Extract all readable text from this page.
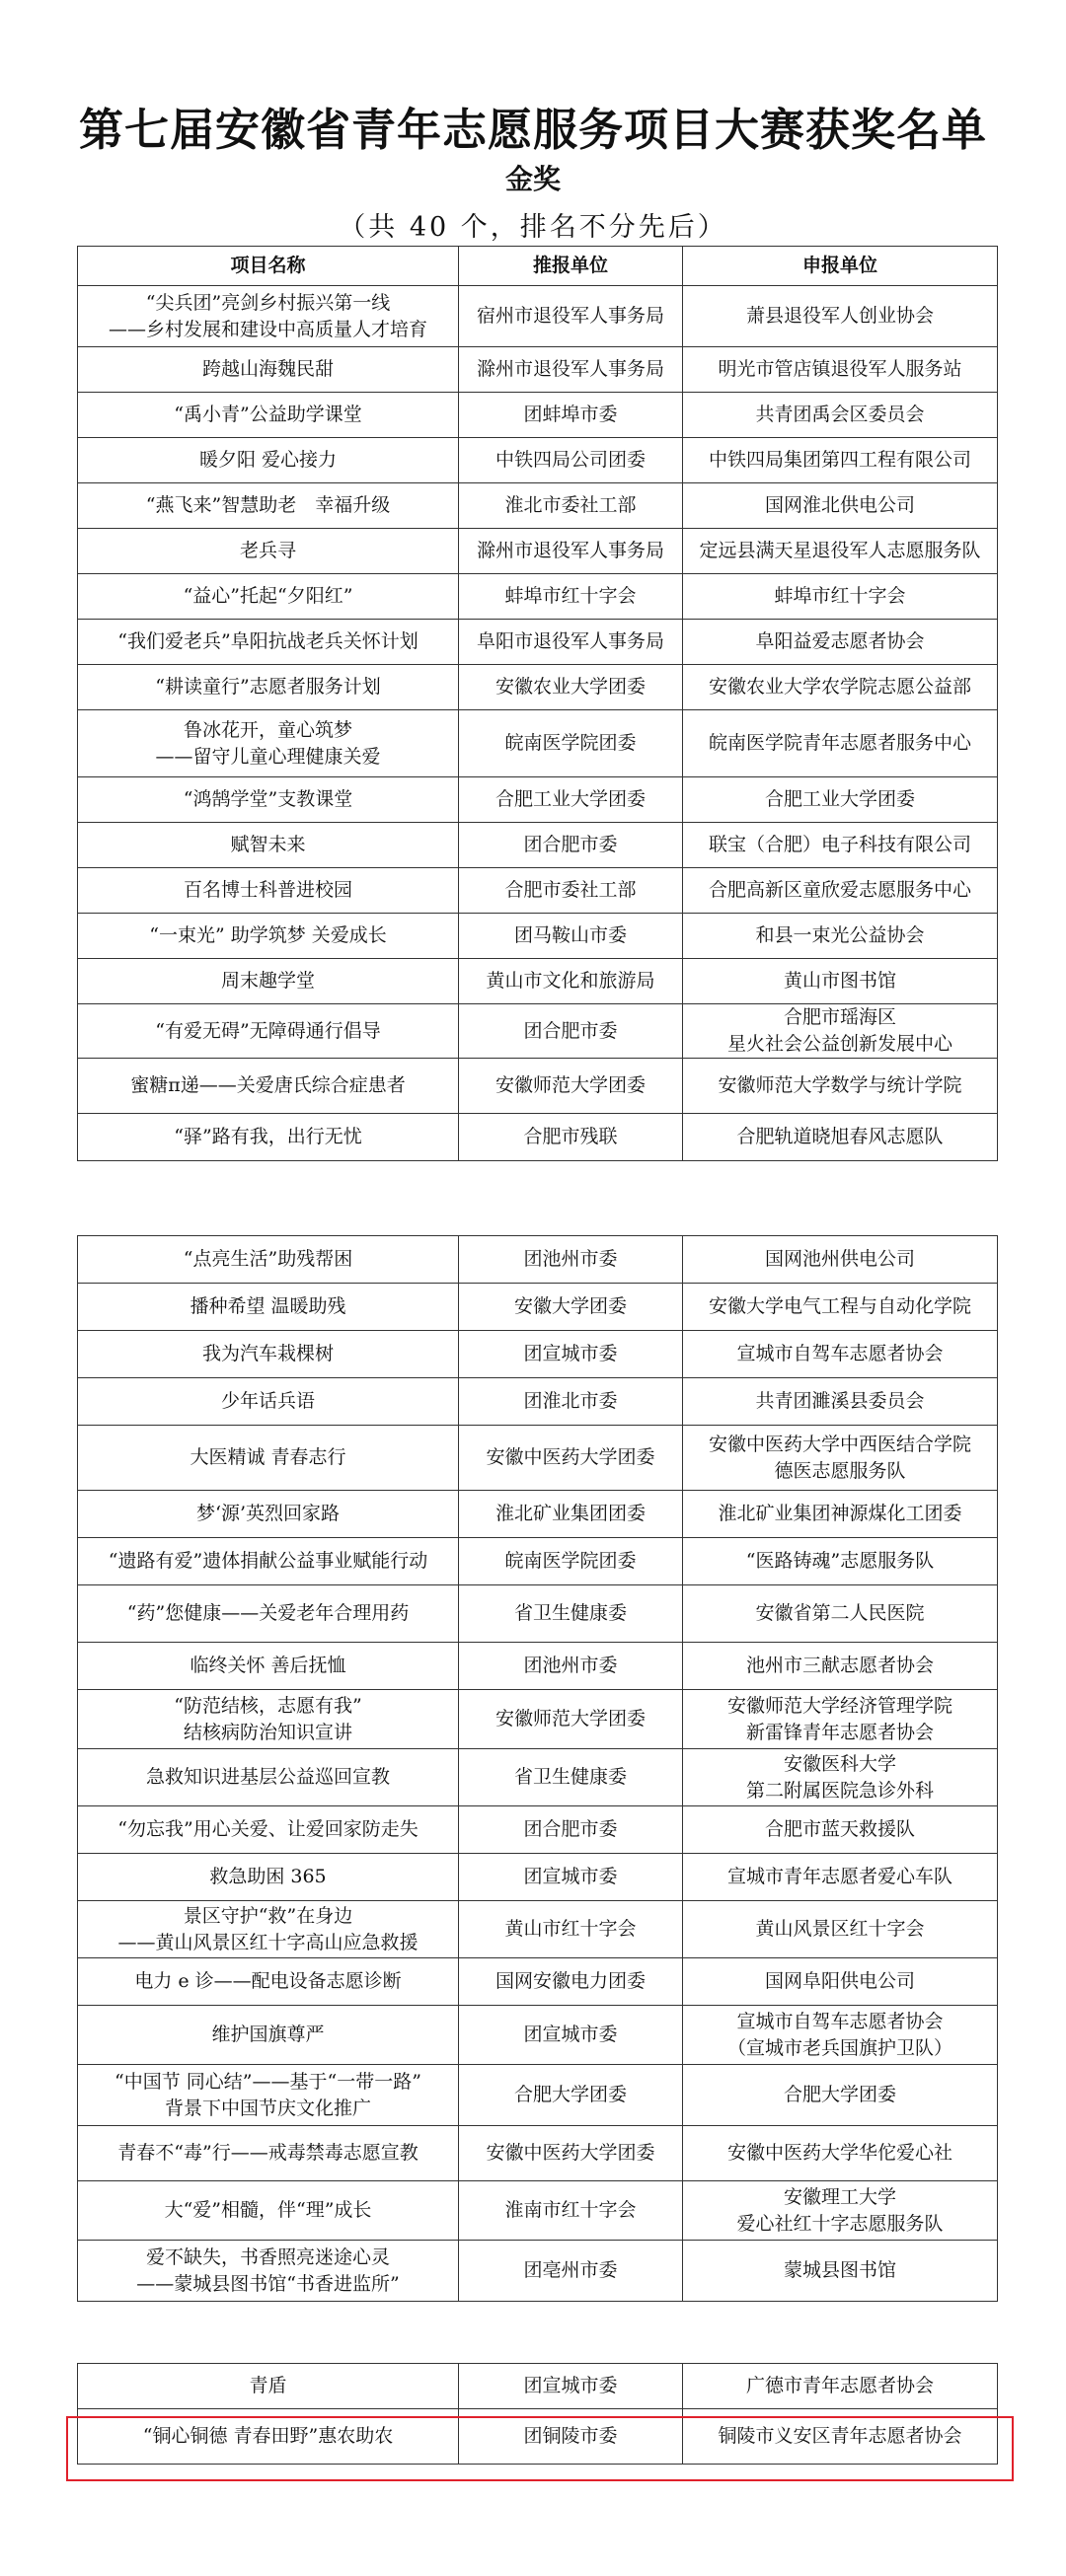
第七届安徽省青年志愿服务项目大赛获奖名单
金奖
（共 40 个，排名不分先后）
项目名称	推报单位	申报单位
“尖兵团”亮剑乡村振兴第一线
——乡村发展和建设中高质量人才培育	宿州市退役军人事务局	萧县退役军人创业协会
跨越山海魏民甜	滁州市退役军人事务局	明光市管店镇退役军人服务站
“禹小青”公益助学课堂	团蚌埠市委	共青团禹会区委员会
暖夕阳 爱心接力	中铁四局公司团委	中铁四局集团第四工程有限公司
“燕飞来”智慧助老　幸福升级	淮北市委社工部	国网淮北供电公司
老兵寻	滁州市退役军人事务局	定远县满天星退役军人志愿服务队
“益心”托起“夕阳红”	蚌埠市红十字会	蚌埠市红十字会
“我们爱老兵”阜阳抗战老兵关怀计划	阜阳市退役军人事务局	阜阳益爱志愿者协会
“耕读童行”志愿者服务计划	安徽农业大学团委	安徽农业大学农学院志愿公益部
鲁冰花开，童心筑梦
——留守儿童心理健康关爱	皖南医学院团委	皖南医学院青年志愿者服务中心
“鸿鹄学堂”支教课堂	合肥工业大学团委	合肥工业大学团委
赋智未来	团合肥市委	联宝（合肥）电子科技有限公司
百名博士科普进校园	合肥市委社工部	合肥高新区童欣爱志愿服务中心
“一束光” 助学筑梦 关爱成长	团马鞍山市委	和县一束光公益协会
周末趣学堂	黄山市文化和旅游局	黄山市图书馆
“有爱无碍”无障碍通行倡导	团合肥市委	合肥市瑶海区
星火社会公益创新发展中心
蜜糖π递——关爱唐氏综合症患者	安徽师范大学团委	安徽师范大学数学与统计学院
“驿”路有我，出行无忧	合肥市残联	合肥轨道晓旭春风志愿队
“点亮生活”助残帮困	团池州市委	国网池州供电公司
播种希望 温暖助残	安徽大学团委	安徽大学电气工程与自动化学院
我为汽车栽棵树	团宣城市委	宣城市自驾车志愿者协会
少年话兵语	团淮北市委	共青团濉溪县委员会
大医精诚 青春志行	安徽中医药大学团委	安徽中医药大学中西医结合学院
德医志愿服务队
梦‘源’英烈回家路	淮北矿业集团团委	淮北矿业集团神源煤化工团委
“遗路有爱”遗体捐献公益事业赋能行动	皖南医学院团委	“医路铸魂”志愿服务队
“药”您健康——关爱老年合理用药	省卫生健康委	安徽省第二人民医院
临终关怀 善后抚恤	团池州市委	池州市三献志愿者协会
“防范结核，志愿有我”
结核病防治知识宣讲	安徽师范大学团委	安徽师范大学经济管理学院
新雷锋青年志愿者协会
急救知识进基层公益巡回宣教	省卫生健康委	安徽医科大学
第二附属医院急诊外科
“勿忘我”用心关爱、让爱回家防走失	团合肥市委	合肥市蓝天救援队
救急助困 365	团宣城市委	宣城市青年志愿者爱心车队
景区守护“救”在身边
——黄山风景区红十字高山应急救援	黄山市红十字会	黄山风景区红十字会
电力 e 诊——配电设备志愿诊断	国网安徽电力团委	国网阜阳供电公司
维护国旗尊严	团宣城市委	宣城市自驾车志愿者协会
（宣城市老兵国旗护卫队）
“中国节 同心结”——基于“一带一路”
背景下中国节庆文化推广	合肥大学团委	合肥大学团委
青春不“毒”行——戒毒禁毒志愿宣教	安徽中医药大学团委	安徽中医药大学华佗爱心社
大“爱”相髓，伴“理”成长	淮南市红十字会	安徽理工大学
爱心社红十字志愿服务队
爱不缺失，书香照亮迷途心灵
——蒙城县图书馆“书香进监所”	团亳州市委	蒙城县图书馆
青盾	团宣城市委	广德市青年志愿者协会
“铜心铜德 青春田野”惠农助农	团铜陵市委	铜陵市义安区青年志愿者协会
